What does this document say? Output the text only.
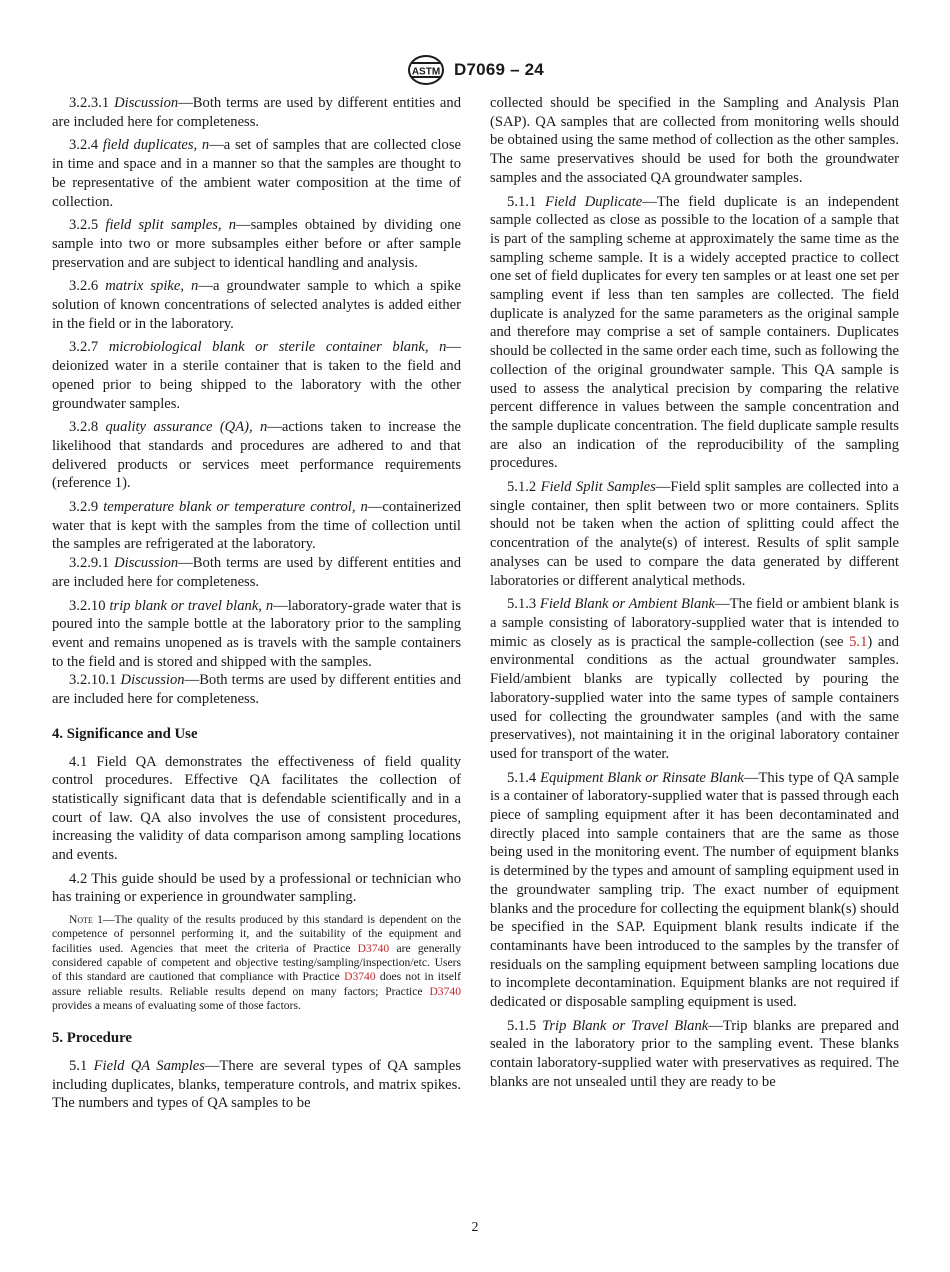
ASTM D7069 – 24

3.2.3.1 Discussion—Both terms are used by different entities and are included here for completeness.

3.2.4 field duplicates, n—a set of samples that are collected close in time and space and in a manner so that the samples are thought to be representative of the ambient water composition at the time of collection.

3.2.5 field split samples, n—samples obtained by dividing one sample into two or more subsamples either before or after sample preservation and are subject to identical handling and analysis.

3.2.6 matrix spike, n—a groundwater sample to which a spike solution of known concentrations of selected analytes is added either in the field or in the laboratory.

3.2.7 microbiological blank or sterile container blank, n—deionized water in a sterile container that is taken to the field and opened prior to being shipped to the laboratory with the other groundwater samples.

3.2.8 quality assurance (QA), n—actions taken to increase the likelihood that standards and procedures are adhered to and that delivered products or services meet performance requirements (reference 1).

3.2.9 temperature blank or temperature control, n—containerized water that is kept with the samples from the time of collection until the samples are refrigerated at the laboratory.

3.2.9.1 Discussion—Both terms are used by different entities and are included here for completeness.

3.2.10 trip blank or travel blank, n—laboratory-grade water that is poured into the sample bottle at the laboratory prior to the sampling event and remains unopened as is travels with the sample containers to the field and is stored and shipped with the samples.

3.2.10.1 Discussion—Both terms are used by different entities and are included here for completeness.

4. Significance and Use

4.1 Field QA demonstrates the effectiveness of field quality control procedures. Effective QA facilitates the collection of statistically significant data that is defendable scientifically and in a court of law. QA also involves the use of consistent procedures, increasing the validity of data comparison among sampling locations and events.

4.2 This guide should be used by a professional or technician who has training or experience in groundwater sampling.

Note 1—The quality of the results produced by this standard is dependent on the competence of personnel performing it, and the suitability of the equipment and facilities used. Agencies that meet the criteria of Practice D3740 are generally considered capable of competent and objective testing/sampling/inspection/etc. Users of this standard are cautioned that compliance with Practice D3740 does not in itself assure reliable results. Reliable results depend on many factors; Practice D3740 provides a means of evaluating some of those factors.

5. Procedure

5.1 Field QA Samples—There are several types of QA samples including duplicates, blanks, temperature controls, and matrix spikes. The numbers and types of QA samples to be

collected should be specified in the Sampling and Analysis Plan (SAP). QA samples that are collected from monitoring wells should be obtained using the same method of collection as the other samples. The same preservatives should be used for both the groundwater samples and the associated QA groundwater samples.

5.1.1 Field Duplicate—The field duplicate is an independent sample collected as close as possible to the location of a sample that is part of the sampling scheme at approximately the same time as the sampling scheme sample. It is a widely accepted practice to collect one set of field duplicates for every ten samples or at least one set per sampling event if less than ten samples are collected. The field duplicate is analyzed for the same parameters as the original sample and therefore may comprise a set of sample containers. Duplicates should be collected in the same order each time, such as following the collection of the original groundwater sample. This QA sample is used to assess the analytical precision by comparing the relative percent difference in values between the sample concentration and the sample duplicate concentration. The field duplicate sample results are also an indication of the reproducibility of the sampling procedures.

5.1.2 Field Split Samples—Field split samples are collected into a single container, then split between two or more containers. Splits should not be taken when the action of splitting could affect the concentration of the analyte(s) of interest. Results of split sample analyses can be used to compare the data generated by different laboratories or different analytical methods.

5.1.3 Field Blank or Ambient Blank—The field or ambient blank is a sample consisting of laboratory-supplied water that is intended to mimic as closely as is practical the sample-collection (see 5.1) and environmental conditions as the actual groundwater samples. Field/ambient blanks are typically collected by pouring the laboratory-supplied water into the same types of sample containers used for collecting the groundwater samples (and with the same preservatives), not maintaining it in the original laboratory container used for transport of the water.

5.1.4 Equipment Blank or Rinsate Blank—This type of QA sample is a container of laboratory-supplied water that is passed through each piece of sampling equipment after it has been decontaminated and directly placed into sample containers that are the same as those being used in the monitoring event. The number of equipment blanks is determined by the types and amount of sampling equipment used in the groundwater sampling trip. The exact number of equipment blanks and the procedure for collecting the equipment blank(s) should be specified in the SAP. Equipment blank results indicate if the contaminants have been introduced to the samples by the transfer of residuals on the sampling equipment between sampling locations due to incomplete decontamination. Equipment blanks are not required if dedicated or disposable sampling equipment is used.

5.1.5 Trip Blank or Travel Blank—Trip blanks are prepared and sealed in the laboratory prior to the sampling event. These blanks contain laboratory-supplied water with preservatives as required. The blanks are not unsealed until they are ready to be

2
